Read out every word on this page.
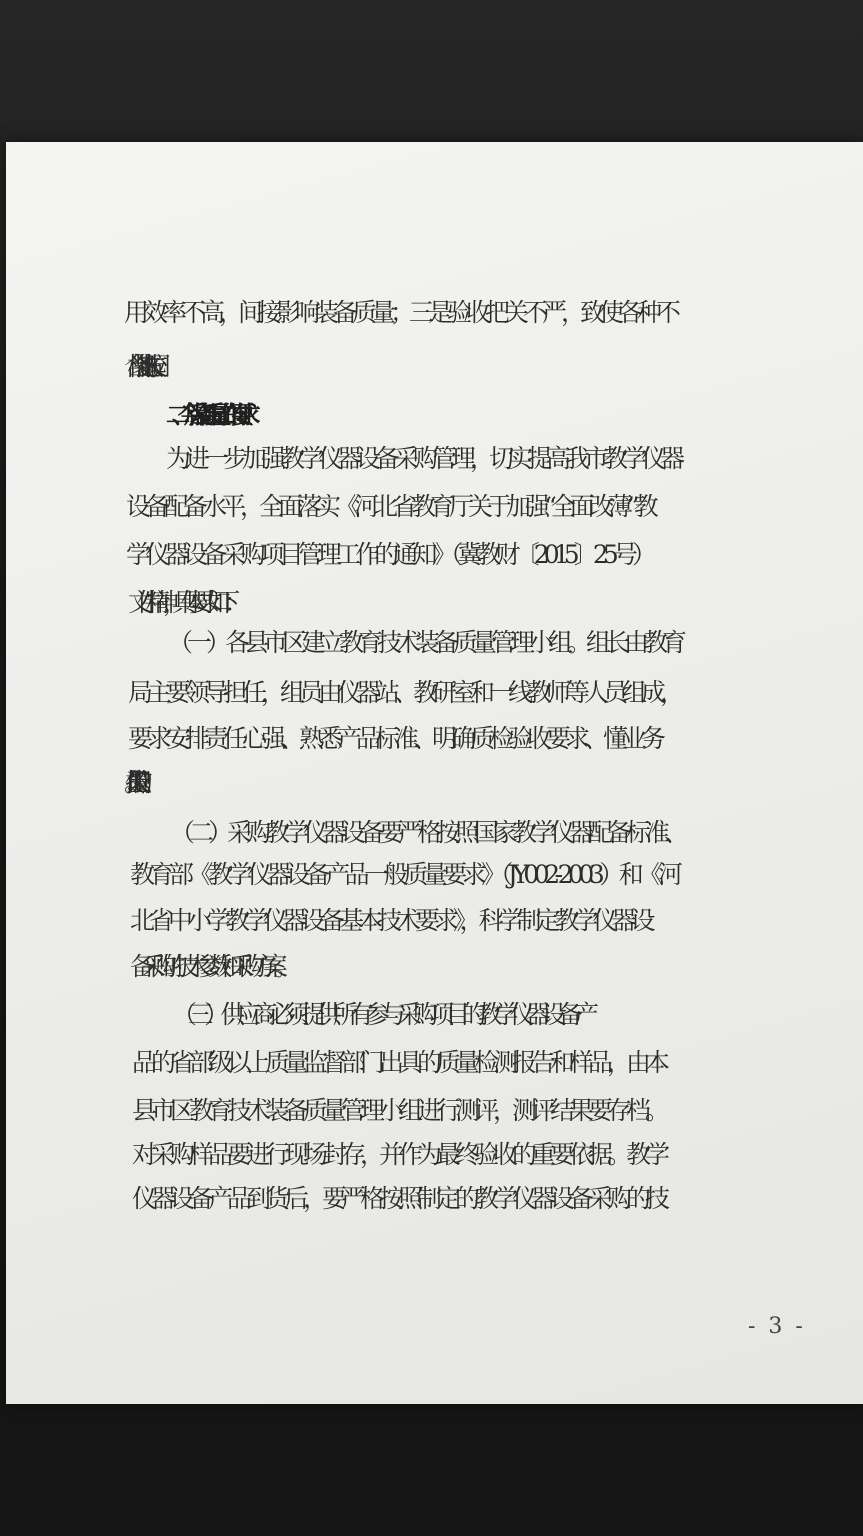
用效率不高，间接影响装备质量；三是验收把关不严，致使各种不
合格装备进入校园。
二、今后装备质量工作的要求
为进一步加强教学仪器设备采购管理，切实提高我市教学仪器
设备配备水平，全面落实《河北省教育厅关于加强“全面改薄”教
学仪器设备采购项目管理工作的通知》（冀教财〔2015〕25号）
文件精神，具体要求如下：
（一）各县市区建立教育技术装备质量管理小组。组长由教育
局主要领导担任，组员由仪器站、教研室和一线教师等人员组成，
要求安排责任心强、熟悉产品标准、明确质检验收要求、懂业务
（二）采购教学仪器设备要严格按照国家教学仪器配备标准、
教育部《教学仪器设备产品一般质量要求》（JY002-2003）和《河
北省中小学教学仪器设备基本技术要求》，科学制定教学仪器设
备采购的技术参数和采购方案。
（三）供应商必须提供所有参与采购项目的教学仪器设备产
品的省部级以上质量监督部门出具的质量检测报告和样品，由本
县市区教育技术装备质量管理小组进行测评，测评结果要存档。
对采购样品要进行现场封存，并作为最终验收的重要依据。教学
仪器设备产品到货后，要严格按照制定的教学仪器设备采购的技
- 3 -
